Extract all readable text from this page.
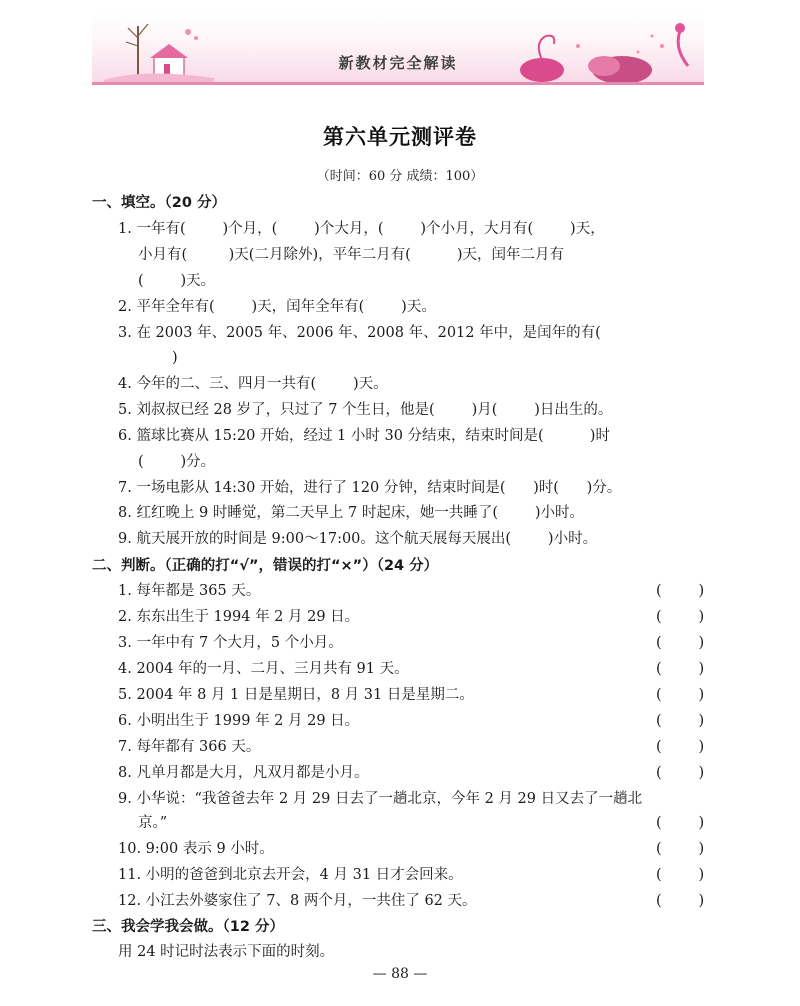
新教材完全解读
第六单元测评卷
（时间：60 分 成绩：100）
一、填空。（20 分）
1. 一年有(        )个月，(        )个大月，(        )个小月，大月有(        )天，
小月有(         )天(二月除外)，平年二月有(          )天，闰年二月有
(        )天。
2. 平年全年有(        )天，闰年全年有(        )天。
3. 在 2003 年、2005 年、2006 年、2008 年、2012 年中，是闰年的有(
)
4. 今年的二、三、四月一共有(        )天。
5. 刘叔叔已经 28 岁了，只过了 7 个生日，他是(        )月(        )日出生的。
6. 篮球比赛从 15:20 开始，经过 1 小时 30 分结束，结束时间是(          )时
(        )分。
7. 一场电影从 14:30 开始，进行了 120 分钟，结束时间是(      )时(      )分。
8. 红红晚上 9 时睡觉，第二天早上 7 时起床，她一共睡了(        )小时。
9. 航天展开放的时间是 9:00～17:00。这个航天展每天展出(        )小时。
二、判断。（正确的打“√”，错误的打“×”）（24 分）
1. 每年都是 365 天。	(        )
2. 东东出生于 1994 年 2 月 29 日。	(        )
3. 一年中有 7 个大月，5 个小月。	(        )
4. 2004 年的一月、二月、三月共有 91 天。	(        )
5. 2004 年 8 月 1 日是星期日，8 月 31 日是星期二。	(        )
6. 小明出生于 1999 年 2 月 29 日。	(        )
7. 每年都有 366 天。	(        )
8. 凡单月都是大月，凡双月都是小月。	(        )
9. 小华说：“我爸爸去年 2 月 29 日去了一趟北京，今年 2 月 29 日又去了一趟北
京。”	(        )
10. 9:00 表示 9 小时。	(        )
11. 小明的爸爸到北京去开会，4 月 31 日才会回来。	(        )
12. 小江去外婆家住了 7、8 两个月，一共住了 62 天。	(        )
三、我会学我会做。（12 分）
用 24 时记时法表示下面的时刻。
— 88 —
